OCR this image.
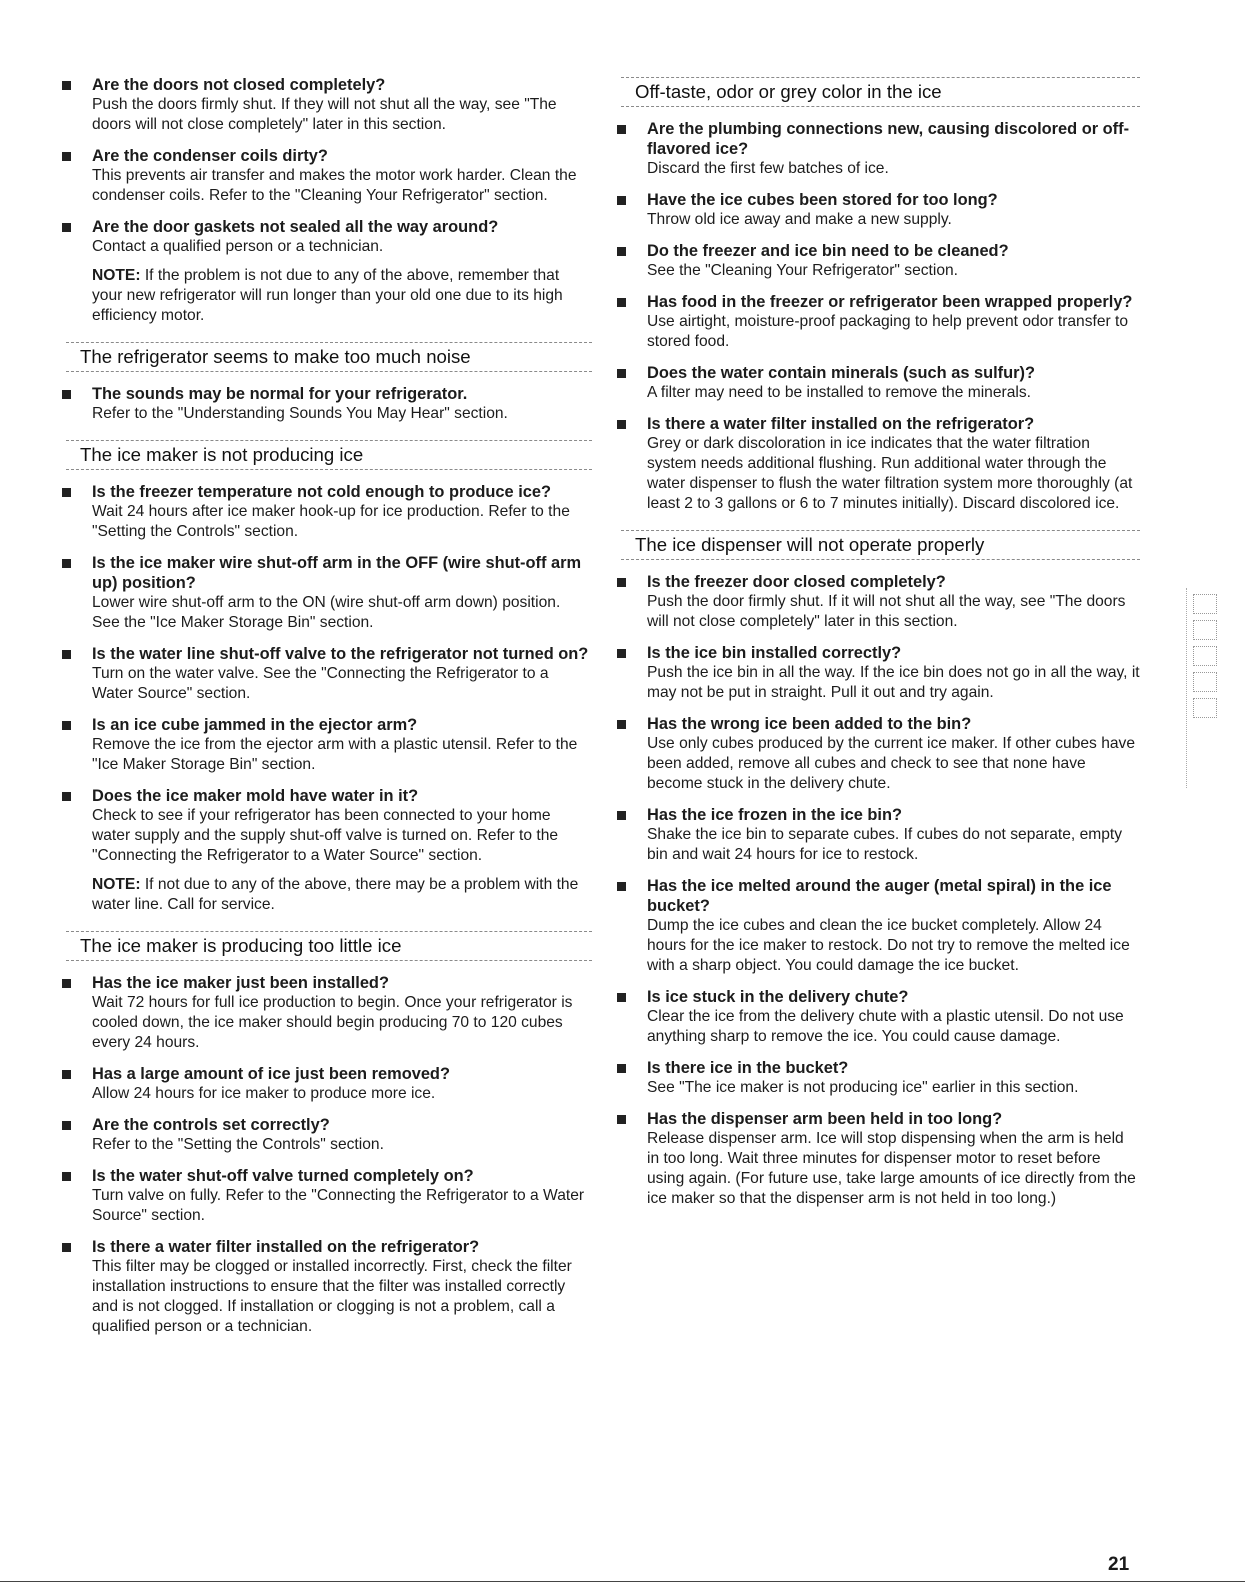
Are the doors not closed completely?
Push the doors firmly shut. If they will not shut all the way, see "The doors will not close completely" later in this section.
Are the condenser coils dirty?
This prevents air transfer and makes the motor work harder. Clean the condenser coils. Refer to the "Cleaning Your Refrigerator" section.
Are the door gaskets not sealed all the way around?
Contact a qualified person or a technician.
NOTE: If the problem is not due to any of the above, remember that your new refrigerator will run longer than your old one due to its high efficiency motor.
The refrigerator seems to make too much noise
The sounds may be normal for your refrigerator.
Refer to the "Understanding Sounds You May Hear" section.
The ice maker is not producing ice
Is the freezer temperature not cold enough to produce ice?
Wait 24 hours after ice maker hook-up for ice production. Refer to the "Setting the Controls" section.
Is the ice maker wire shut-off arm in the OFF (wire shut-off arm up) position?
Lower wire shut-off arm to the ON (wire shut-off arm down) position. See the "Ice Maker Storage Bin" section.
Is the water line shut-off valve to the refrigerator not turned on?
Turn on the water valve. See the "Connecting the Refrigerator to a Water Source" section.
Is an ice cube jammed in the ejector arm?
Remove the ice from the ejector arm with a plastic utensil. Refer to the "Ice Maker Storage Bin" section.
Does the ice maker mold have water in it?
Check to see if your refrigerator has been connected to your home water supply and the supply shut-off valve is turned on. Refer to the "Connecting the Refrigerator to a Water Source" section.
NOTE: If not due to any of the above, there may be a problem with the water line. Call for service.
The ice maker is producing too little ice
Has the ice maker just been installed?
Wait 72 hours for full ice production to begin. Once your refrigerator is cooled down, the ice maker should begin producing 70 to 120 cubes every 24 hours.
Has a large amount of ice just been removed?
Allow 24 hours for ice maker to produce more ice.
Are the controls set correctly?
Refer to the "Setting the Controls" section.
Is the water shut-off valve turned completely on?
Turn valve on fully. Refer to the "Connecting the Refrigerator to a Water Source" section.
Is there a water filter installed on the refrigerator?
This filter may be clogged or installed incorrectly. First, check the filter installation instructions to ensure that the filter was installed correctly and is not clogged. If installation or clogging is not a problem, call a qualified person or a technician.
Off-taste, odor or grey color in the ice
Are the plumbing connections new, causing discolored or off-flavored ice?
Discard the first few batches of ice.
Have the ice cubes been stored for too long?
Throw old ice away and make a new supply.
Do the freezer and ice bin need to be cleaned?
See the "Cleaning Your Refrigerator" section.
Has food in the freezer or refrigerator been wrapped properly?
Use airtight, moisture-proof packaging to help prevent odor transfer to stored food.
Does the water contain minerals (such as sulfur)?
A filter may need to be installed to remove the minerals.
Is there a water filter installed on the refrigerator?
Grey or dark discoloration in ice indicates that the water filtration system needs additional flushing. Run additional water through the water dispenser to flush the water filtration system more thoroughly (at least 2 to 3 gallons or 6 to 7 minutes initially). Discard discolored ice.
The ice dispenser will not operate properly
Is the freezer door closed completely?
Push the door firmly shut. If it will not shut all the way, see "The doors will not close completely" later in this section.
Is the ice bin installed correctly?
Push the ice bin in all the way. If the ice bin does not go in all the way, it may not be put in straight. Pull it out and try again.
Has the wrong ice been added to the bin?
Use only cubes produced by the current ice maker. If other cubes have been added, remove all cubes and check to see that none have become stuck in the delivery chute.
Has the ice frozen in the ice bin?
Shake the ice bin to separate cubes. If cubes do not separate, empty bin and wait 24 hours for ice to restock.
Has the ice melted around the auger (metal spiral) in the ice bucket?
Dump the ice cubes and clean the ice bucket completely. Allow 24 hours for the ice maker to restock. Do not try to remove the melted ice with a sharp object. You could damage the ice bucket.
Is ice stuck in the delivery chute?
Clear the ice from the delivery chute with a plastic utensil. Do not use anything sharp to remove the ice. You could cause damage.
Is there ice in the bucket?
See "The ice maker is not producing ice" earlier in this section.
Has the dispenser arm been held in too long?
Release dispenser arm. Ice will stop dispensing when the arm is held in too long. Wait three minutes for dispenser motor to reset before using again. (For future use, take large amounts of ice directly from the ice maker so that the dispenser arm is not held in too long.)
21
